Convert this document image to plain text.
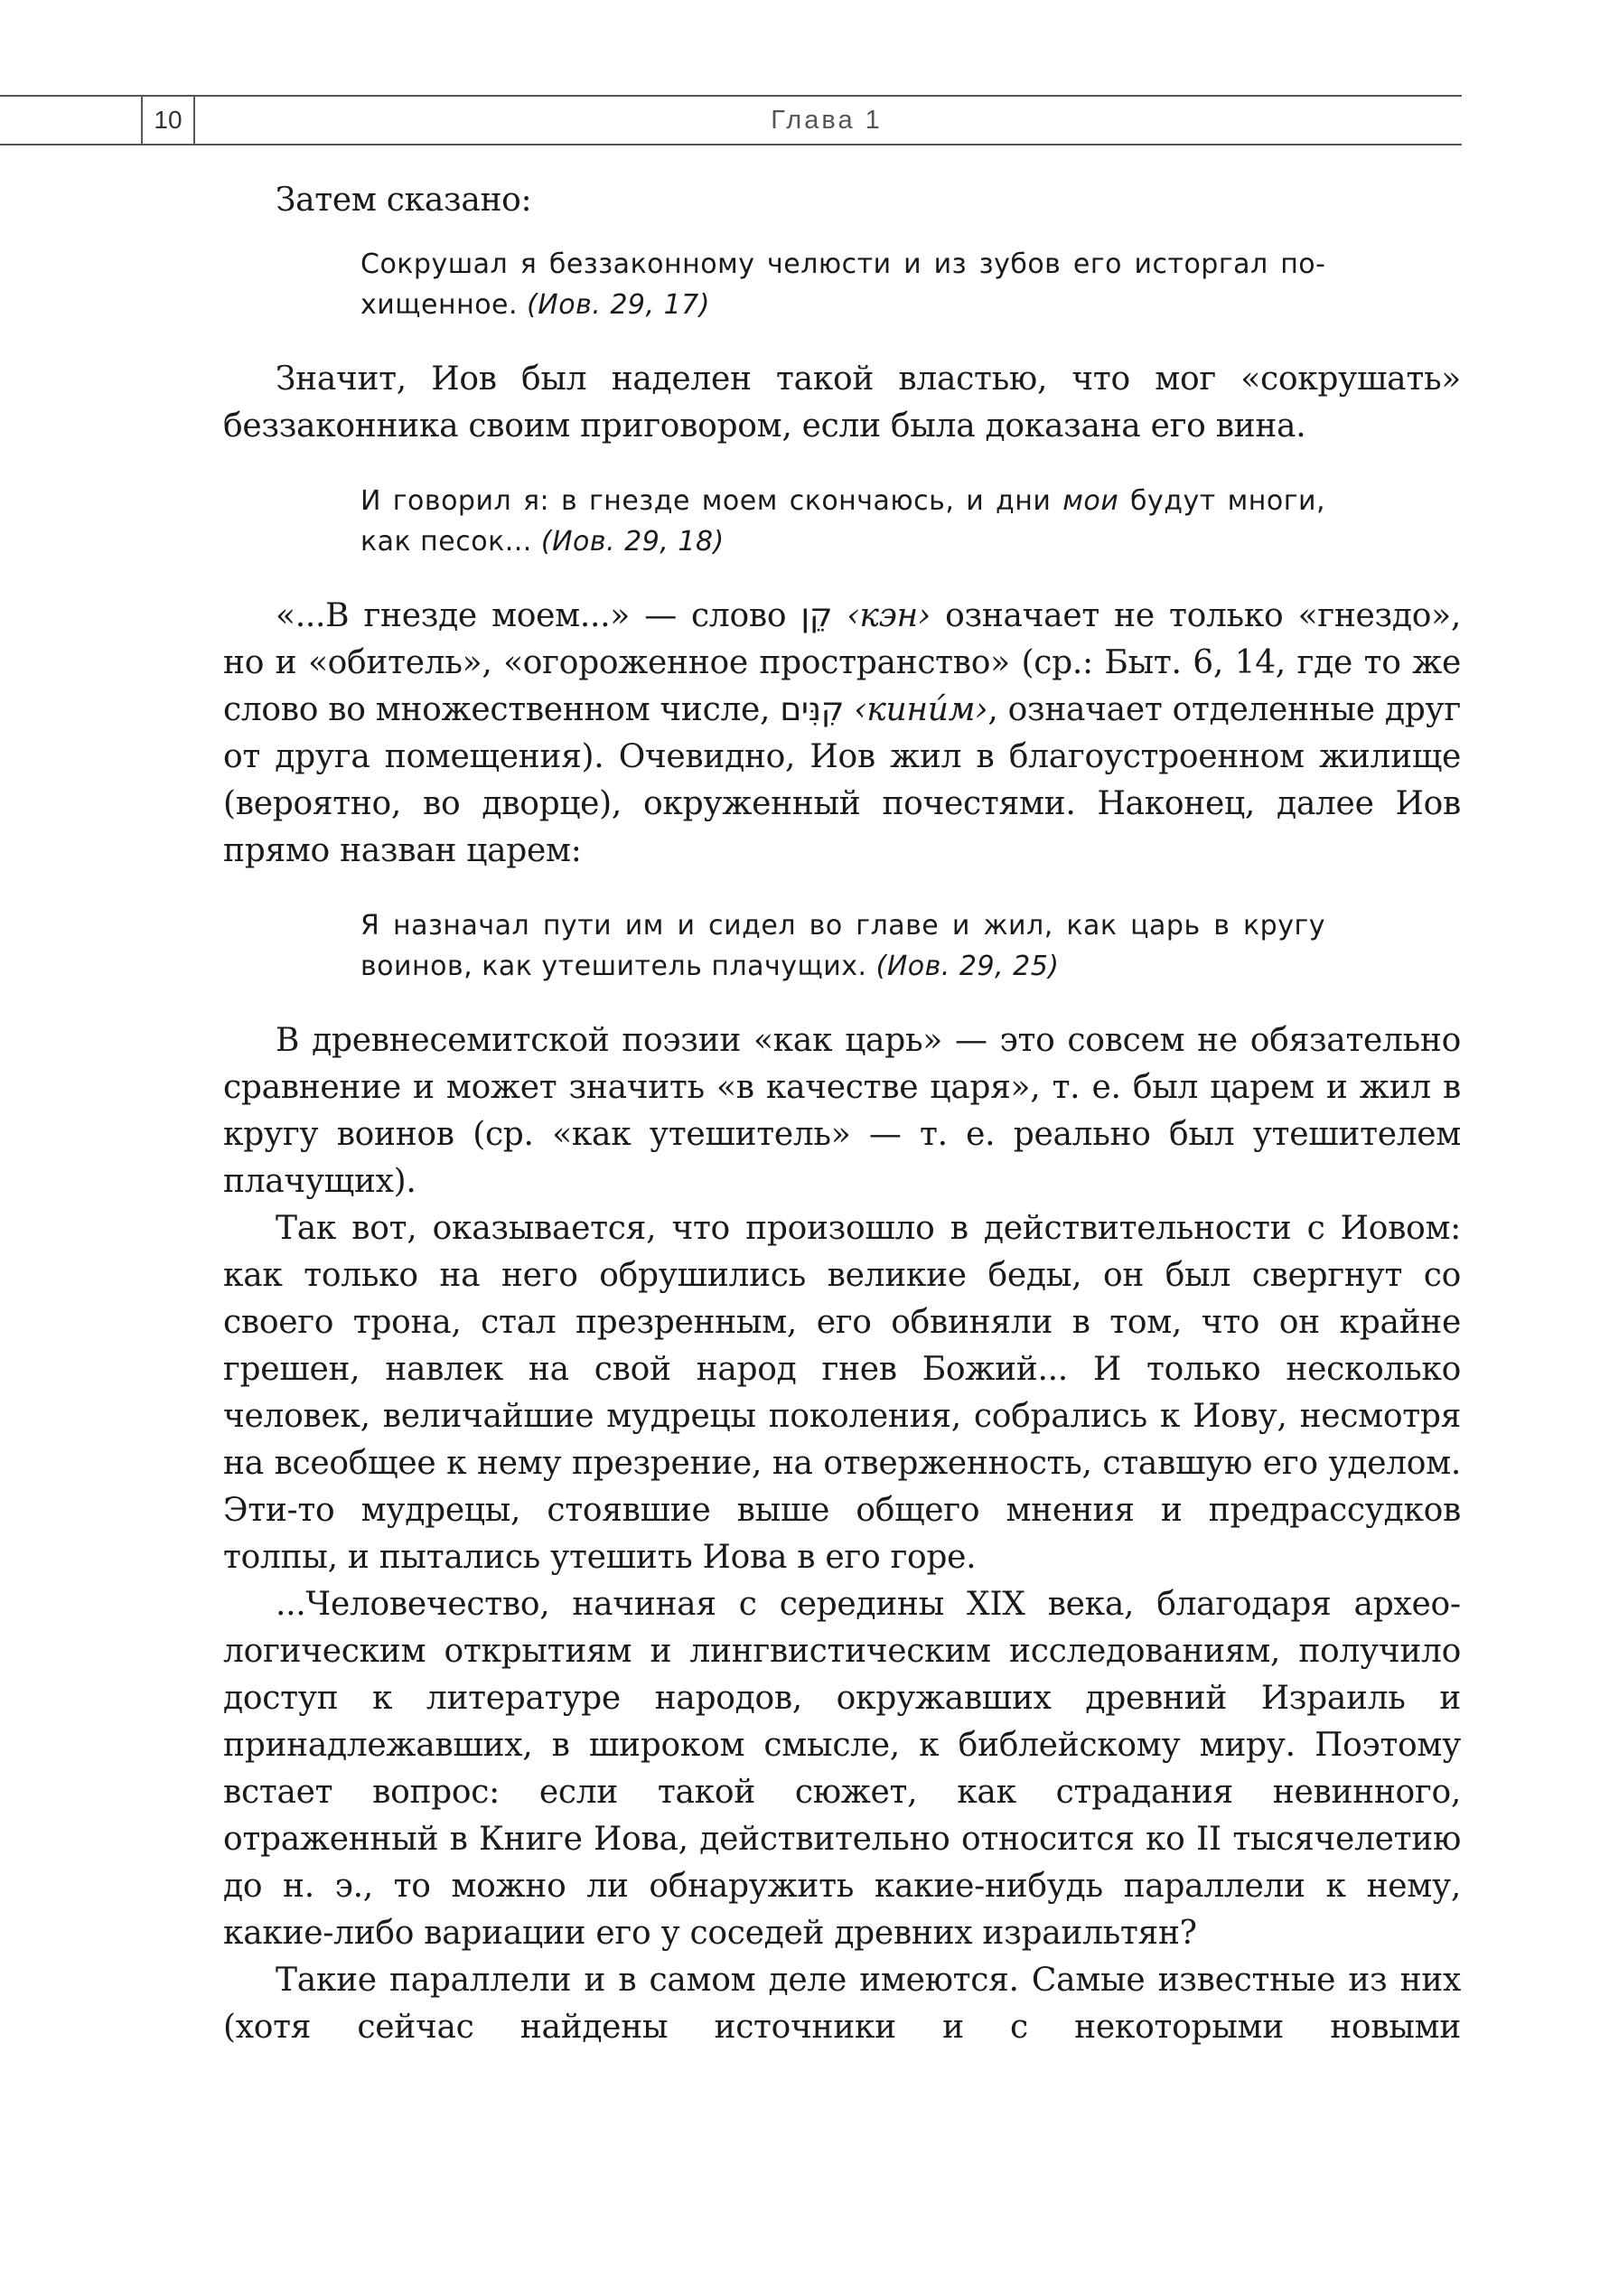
10	Глава 1

Затем сказано:

Сокрушал я беззаконному челюсти и из зубов его исторгал похищенное. (Иов. 29, 17)

Значит, Иов был наделен такой властью, что мог «сокрушать» беззаконника своим приговором, если была доказана его вина.

И говорил я: в гнезде моем скончаюсь, и дни мои будут многи, как песок... (Иов. 29, 18)

«...В гнезде моем...» — слово קֵן ‹кэн› означает не только «гнездо», но и «обитель», «огороженное пространство» (ср.: Быт. 6, 14, где то же слово во множественном числе, קִנִּים ‹кини́м›, означает отделенные друг от друга помещения). Очевидно, Иов жил в благоустроенном жилище (вероятно, во дворце), окруженный почестями. Наконец, далее Иов прямо назван царем:

Я назначал пути им и сидел во главе и жил, как царь в кругу воинов, как утешитель плачущих. (Иов. 29, 25)

В древнесемитской поэзии «как царь» — это совсем не обязательно сравнение и может значить «в качестве царя», т. е. был царем и жил в кругу воинов (ср. «как утешитель» — т. е. реально был утешителем плачущих).

Так вот, оказывается, что произошло в действительности с Иовом: как только на него обрушились великие беды, он был свергнут со своего трона, стал презренным, его обвиняли в том, что он крайне грешен, навлек на свой народ гнев Божий... И только несколько человек, величайшие мудрецы поколения, собрались к Иову, несмотря на всеобщее к нему презрение, на отверженность, ставшую его уделом. Эти-то мудрецы, стоявшие выше общего мнения и предрассудков толпы, и пытались утешить Иова в его горе.

...Человечество, начиная с середины XIX века, благодаря археологическим открытиям и лингвистическим исследованиям, получило доступ к литературе народов, окружавших древний Израиль и принадлежавших, в широком смысле, к библейскому миру. Поэтому встает вопрос: если такой сюжет, как страдания невинного, отраженный в Книге Иова, действительно относится ко II тысячелетию до н. э., то можно ли обнаружить какие-нибудь параллели к нему, какие-либо вариации его у соседей древних израильтян?

Такие параллели и в самом деле имеются. Самые известные из них (хотя сейчас найдены источники и с некоторыми новыми
